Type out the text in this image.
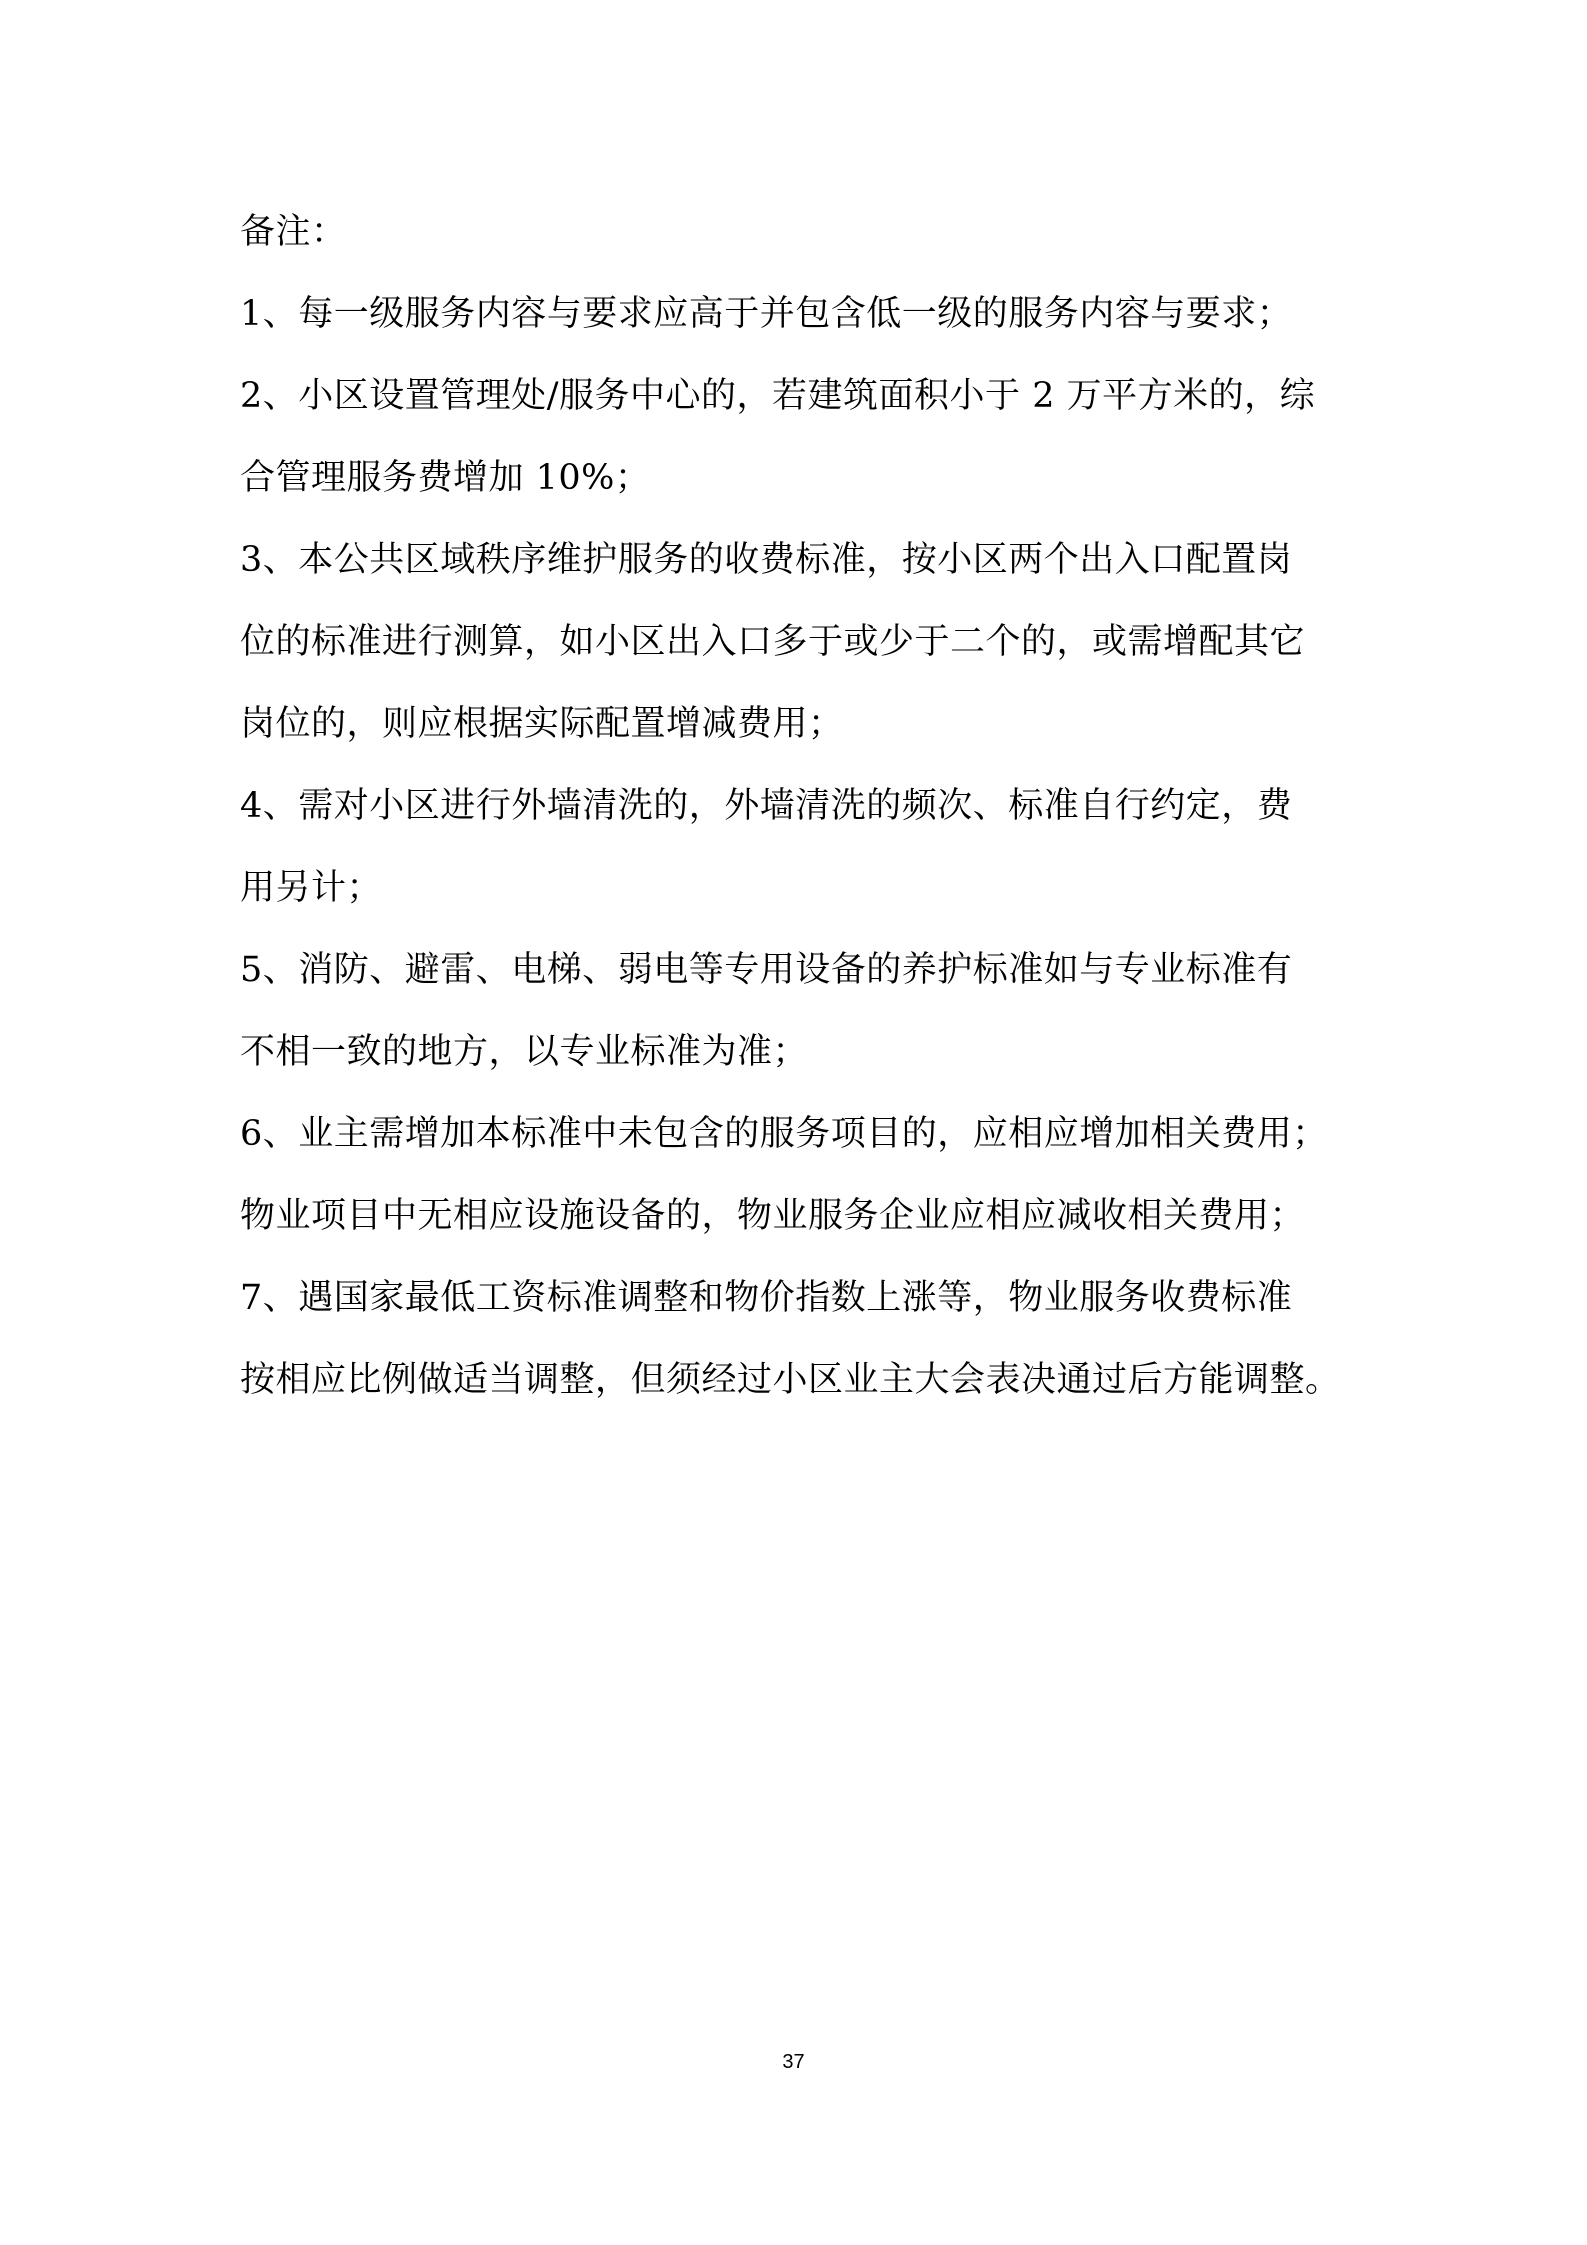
备注：
1、每一级服务内容与要求应高于并包含低一级的服务内容与要求；
2、小区设置管理处/服务中心的，若建筑面积小于 2 万平方米的，综
合管理服务费增加 10%；
3、本公共区域秩序维护服务的收费标准，按小区两个出入口配置岗
位的标准进行测算，如小区出入口多于或少于二个的，或需增配其它
岗位的，则应根据实际配置增减费用；
4、需对小区进行外墙清洗的，外墙清洗的频次、标准自行约定，费
用另计；
5、消防、避雷、电梯、弱电等专用设备的养护标准如与专业标准有
不相一致的地方，以专业标准为准；
6、业主需增加本标准中未包含的服务项目的，应相应增加相关费用；
物业项目中无相应设施设备的，物业服务企业应相应减收相关费用；
7、遇国家最低工资标准调整和物价指数上涨等，物业服务收费标准
按相应比例做适当调整，但须经过小区业主大会表决通过后方能调整。
37
